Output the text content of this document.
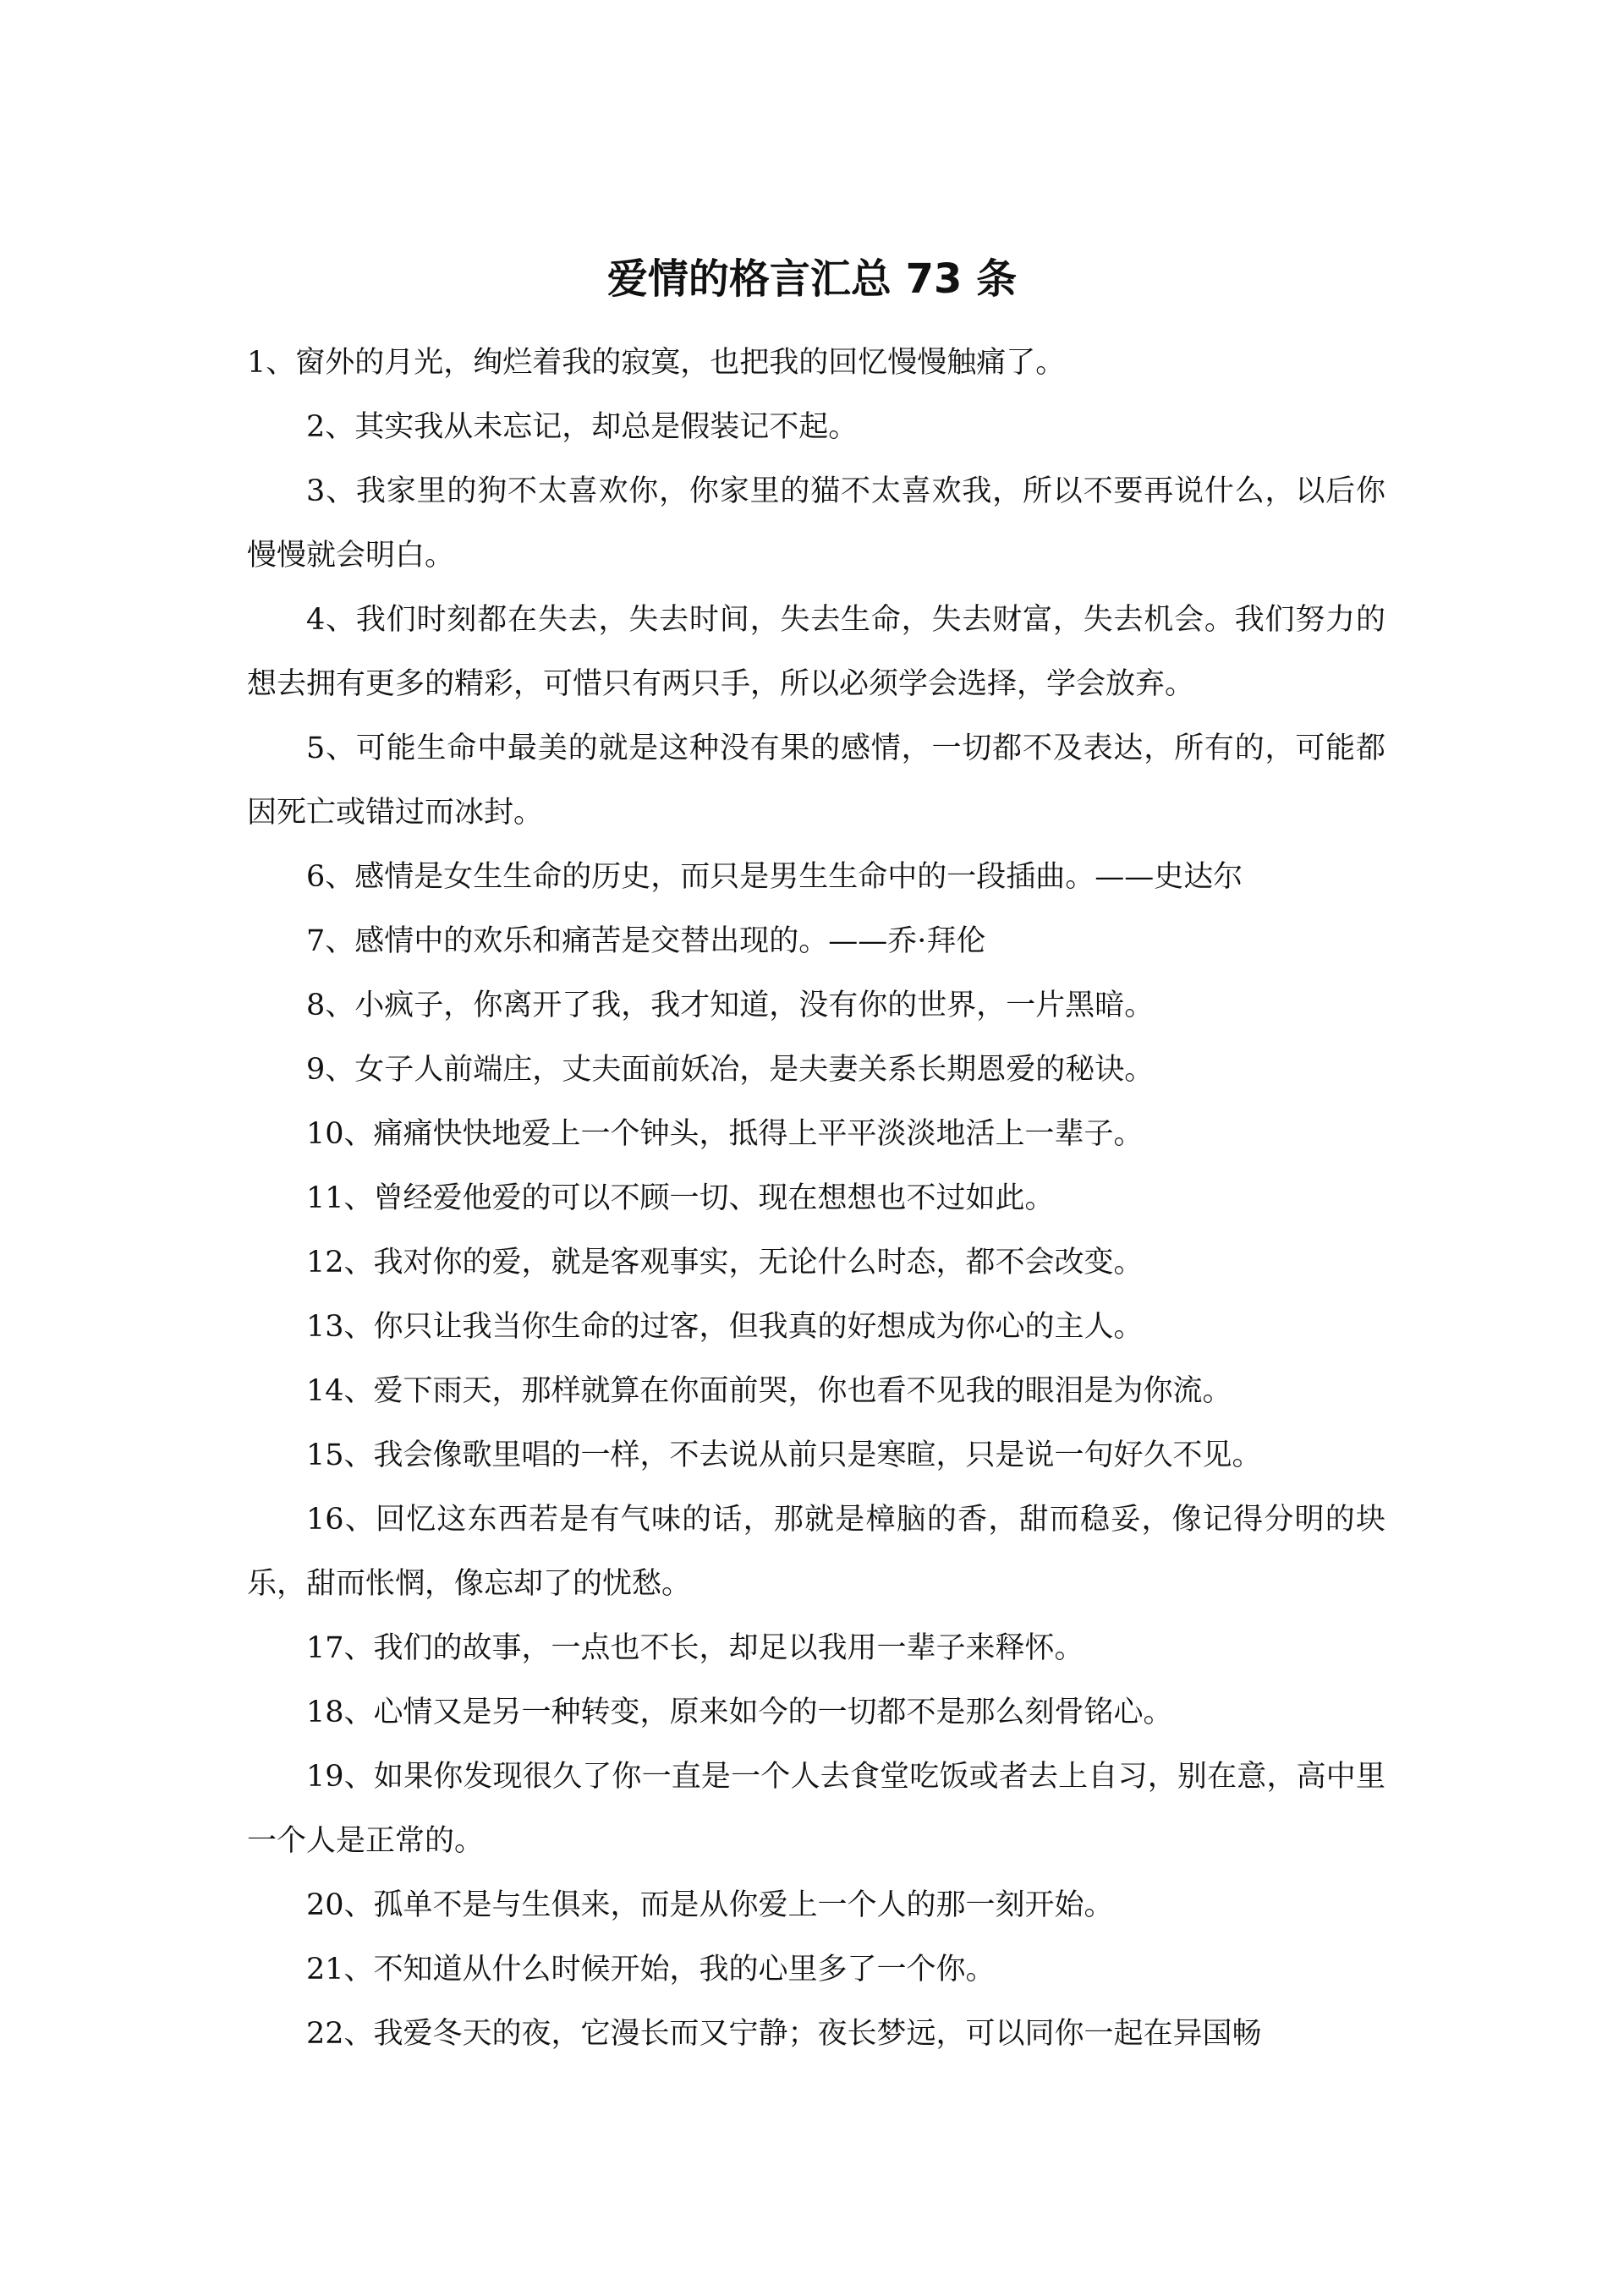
爱情的格言汇总 73 条

1、窗外的月光，绚烂着我的寂寞，也把我的回忆慢慢触痛了。

2、其实我从未忘记，却总是假装记不起。

3、我家里的狗不太喜欢你，你家里的猫不太喜欢我，所以不要再说什么，以后你慢慢就会明白。

4、我们时刻都在失去，失去时间，失去生命，失去财富，失去机会。我们努力的想去拥有更多的精彩，可惜只有两只手，所以必须学会选择，学会放弃。

5、可能生命中最美的就是这种没有果的感情，一切都不及表达，所有的，可能都因死亡或错过而冰封。

6、感情是女生生命的历史，而只是男生生命中的一段插曲。——史达尔

7、感情中的欢乐和痛苦是交替出现的。——乔·拜伦

8、小疯子，你离开了我，我才知道，没有你的世界，一片黑暗。

9、女子人前端庄，丈夫面前妖冶，是夫妻关系长期恩爱的秘诀。

10、痛痛快快地爱上一个钟头，抵得上平平淡淡地活上一辈子。

11、曾经爱他爱的可以不顾一切、现在想想也不过如此。

12、我对你的爱，就是客观事实，无论什么时态，都不会改变。

13、你只让我当你生命的过客，但我真的好想成为你心的主人。

14、爱下雨天，那样就算在你面前哭，你也看不见我的眼泪是为你流。

15、我会像歌里唱的一样，不去说从前只是寒暄，只是说一句好久不见。

16、回忆这东西若是有气味的话，那就是樟脑的香，甜而稳妥，像记得分明的块乐，甜而怅惘，像忘却了的忧愁。

17、我们的故事，一点也不长，却足以我用一辈子来释怀。

18、心情又是另一种转变，原来如今的一切都不是那么刻骨铭心。

19、如果你发现很久了你一直是一个人去食堂吃饭或者去上自习，别在意，高中里一个人是正常的。

20、孤单不是与生俱来，而是从你爱上一个人的那一刻开始。

21、不知道从什么时候开始，我的心里多了一个你。

22、我爱冬天的夜，它漫长而又宁静；夜长梦远，可以同你一起在异国畅
